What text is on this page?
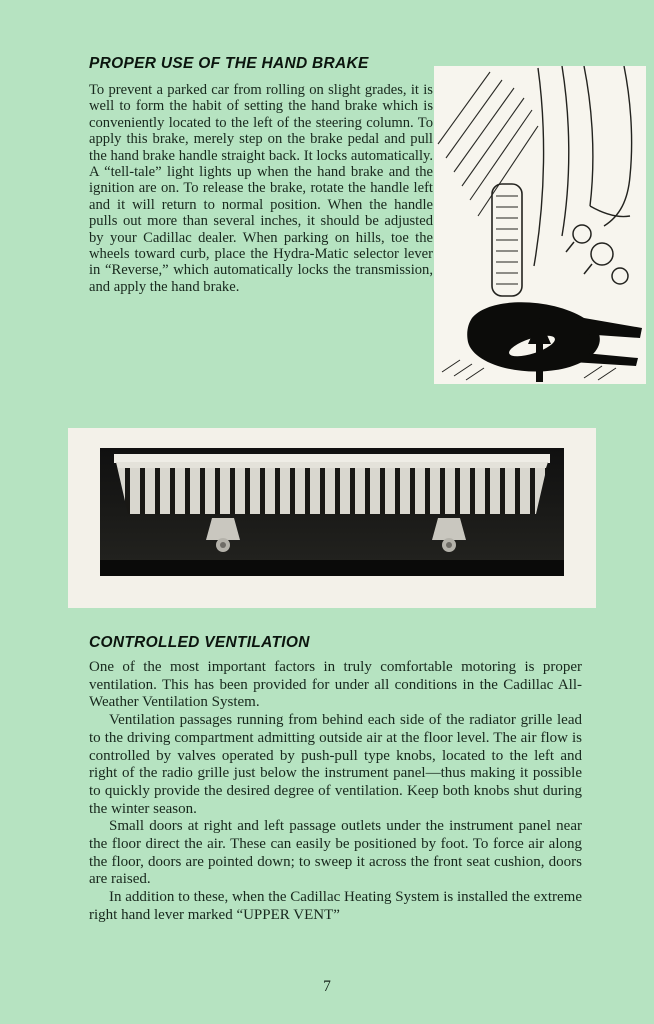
PROPER USE OF THE HAND BRAKE

To prevent a parked car from rolling on slight grades, it is well to form the habit of setting the hand brake which is conveniently located to the left of the steering column. To apply this brake, merely step on the brake pedal and pull the hand brake handle straight back. It locks automatically. A “tell-tale” light lights up when the hand brake and the ignition are on. To release the brake, rotate the handle left and it will return to normal position. When the handle pulls out more than several inches, it should be adjusted by your Cadillac dealer. When parking on hills, toe the wheels toward curb, place the Hydra-Matic selector lever in “Reverse,” which automatically locks the transmission, and apply the hand brake.

CONTROLLED VENTILATION

One of the most important factors in truly comfortable motoring is proper ventilation. This has been provided for under all conditions in the Cadillac All-Weather Ventilation System.

Ventilation passages running from behind each side of the radiator grille lead to the driving compartment admitting outside air at the floor level. The air flow is controlled by valves operated by push-pull type knobs, located to the left and right of the radio grille just below the instrument panel—thus making it possible to quickly provide the desired degree of ventilation. Keep both knobs shut during the winter season.

Small doors at right and left passage outlets under the instrument panel near the floor direct the air. These can easily be positioned by foot. To force air along the floor, doors are pointed down; to sweep it across the front seat cushion, doors are raised.

In addition to these, when the Cadillac Heating System is installed the extreme right hand lever marked “UPPER VENT”

7
